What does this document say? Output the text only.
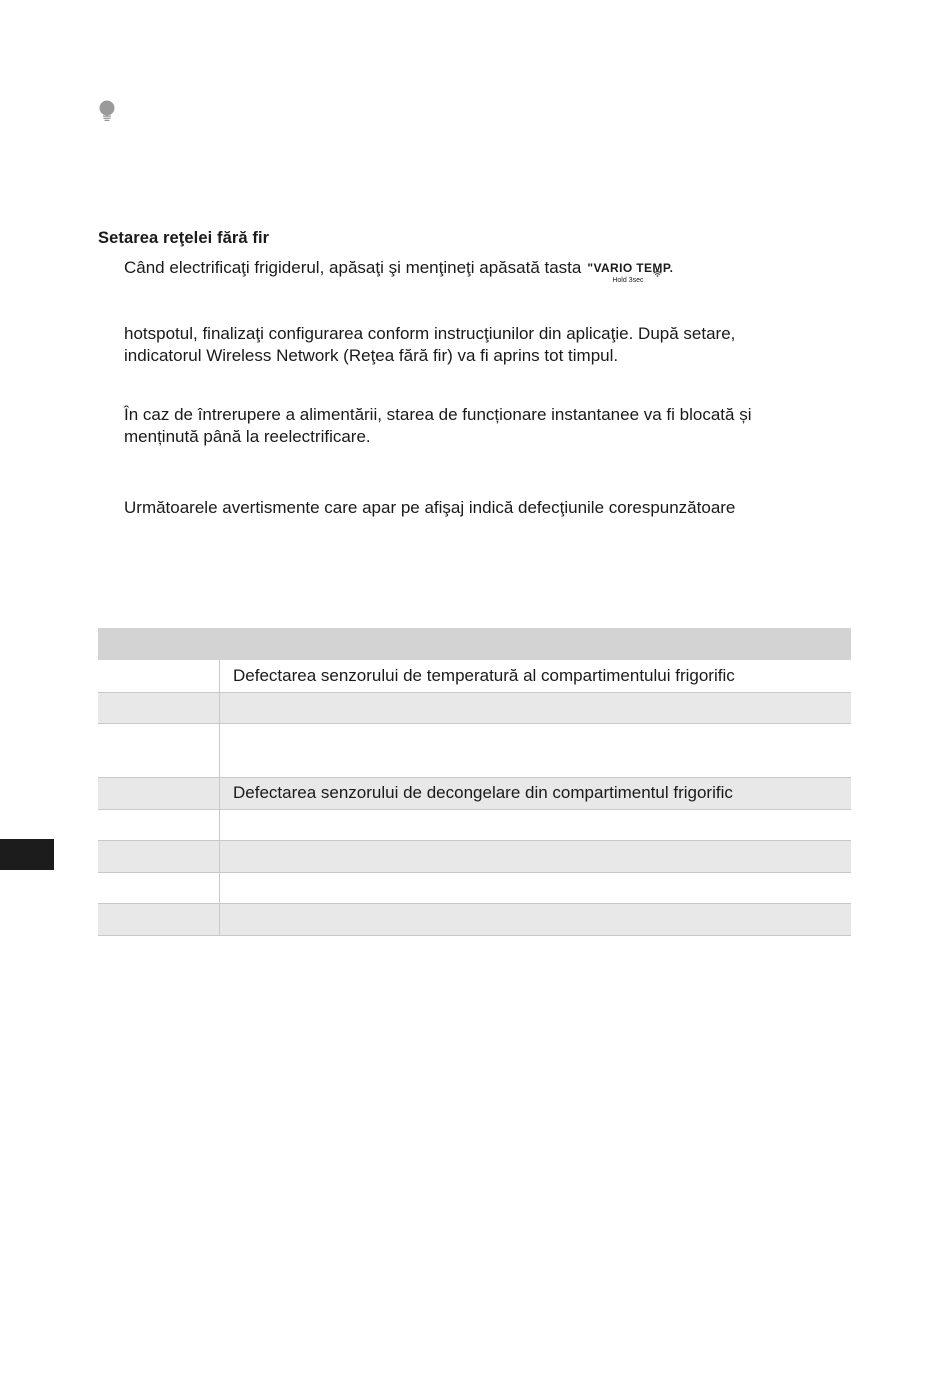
Setarea reţelei fără fir
Când electrificaţi frigiderul, apăsaţi şi menţineţi apăsată tasta "VARIO TEMP.
Hold 3sec
hotspotul, finalizaţi configurarea conform instrucţiunilor din aplicaţie. După setare,
indicatorul Wireless Network (Reţea fără fir) va fi aprins tot timpul.
În caz de întrerupere a alimentării, starea de funcționare instantanee va fi blocată și
menținută până la reelectrificare.
Următoarele avertismente care apar pe afişaj indică defecţiunile corespunzătoare

	Defectarea senzorului de temperatură al compartimentului frigorific

	Defectarea senzorului de decongelare din compartimentul frigorific
